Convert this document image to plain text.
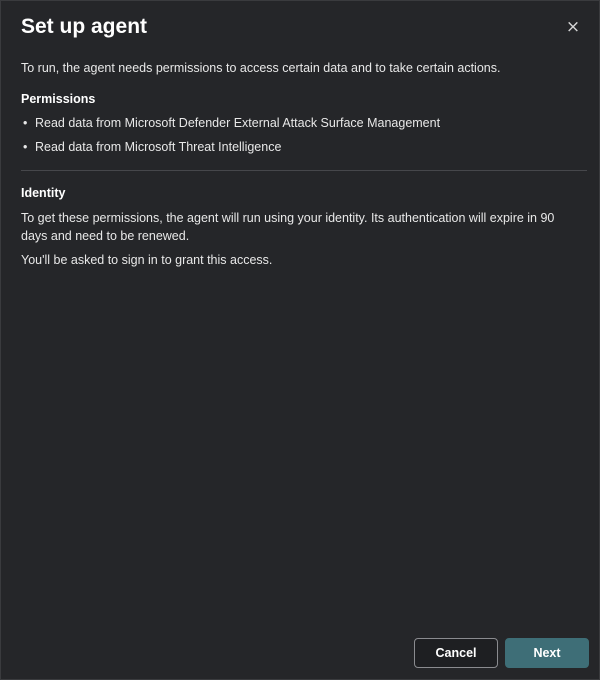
Set up agent	×

To run, the agent needs permissions to access certain data and to take certain actions.

Permissions
• Read data from Microsoft Defender External Attack Surface Management
• Read data from Microsoft Threat Intelligence
Identity

To get these permissions, the agent will run using your identity. Its authentication will expire in 90 days and need to be renewed.

You'll be asked to sign in to grant this access.

Cancel	Next
